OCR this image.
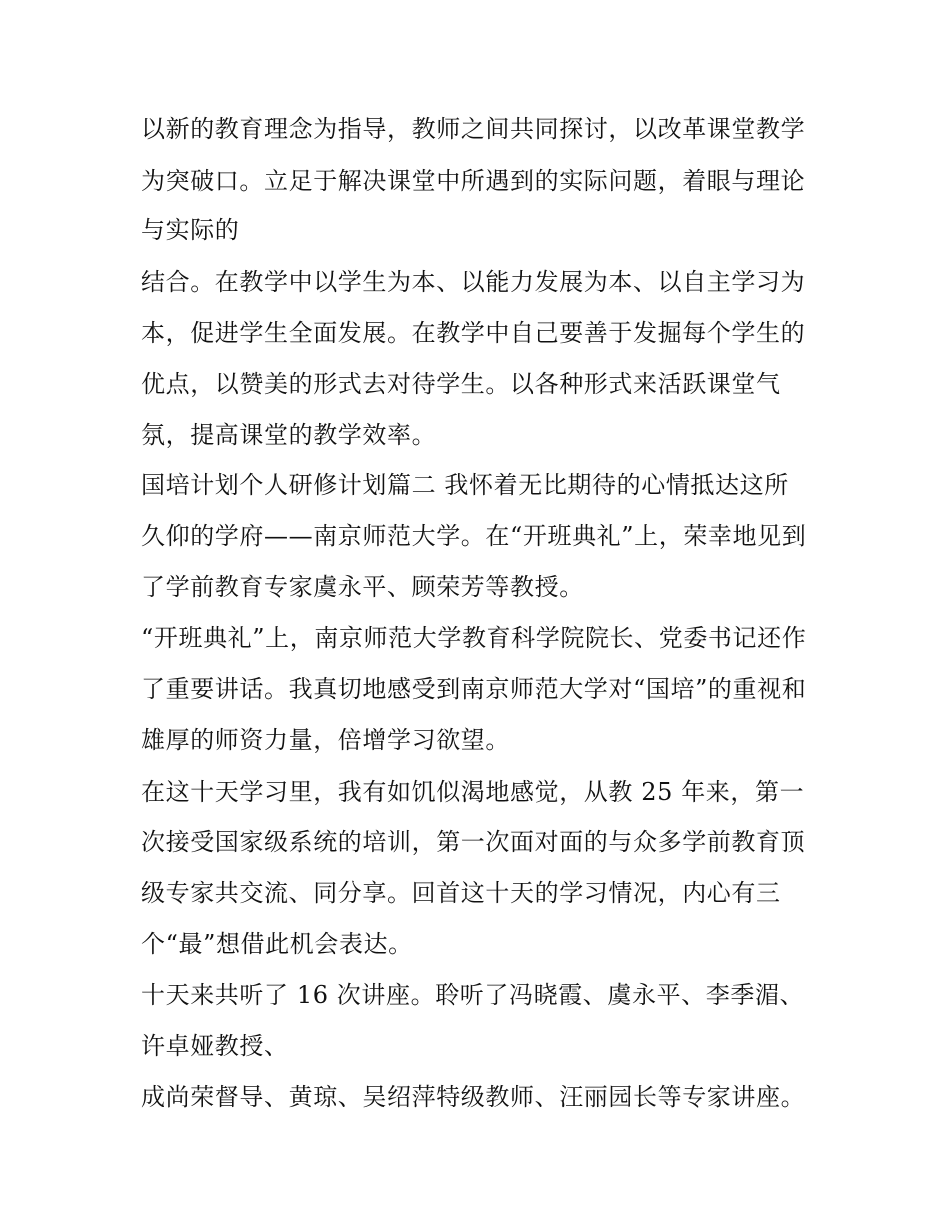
以新的教育理念为指导，教师之间共同探讨，以改革课堂教学
为突破口。立足于解决课堂中所遇到的实际问题，着眼与理论
与实际的
结合。在教学中以学生为本、以能力发展为本、以自主学习为
本，促进学生全面发展。在教学中自己要善于发掘每个学生的
优点，以赞美的形式去对待学生。以各种形式来活跃课堂气
氛，提高课堂的教学效率。
国培计划个人研修计划篇二 我怀着无比期待的心情抵达这所
久仰的学府——南京师范大学。在“开班典礼”上，荣幸地见到
了学前教育专家虞永平、顾荣芳等教授。
“开班典礼”上，南京师范大学教育科学院院长、党委书记还作
了重要讲话。我真切地感受到南京师范大学对“国培”的重视和
雄厚的师资力量，倍增学习欲望。
在这十天学习里，我有如饥似渴地感觉，从教 25 年来，第一
次接受国家级系统的培训，第一次面对面的与众多学前教育顶
级专家共交流、同分享。回首这十天的学习情况，内心有三
个“最”想借此机会表达。
十天来共听了 16 次讲座。聆听了冯晓霞、虞永平、李季湄、
许卓娅教授、
成尚荣督导、黄琼、吴绍萍特级教师、汪丽园长等专家讲座。
